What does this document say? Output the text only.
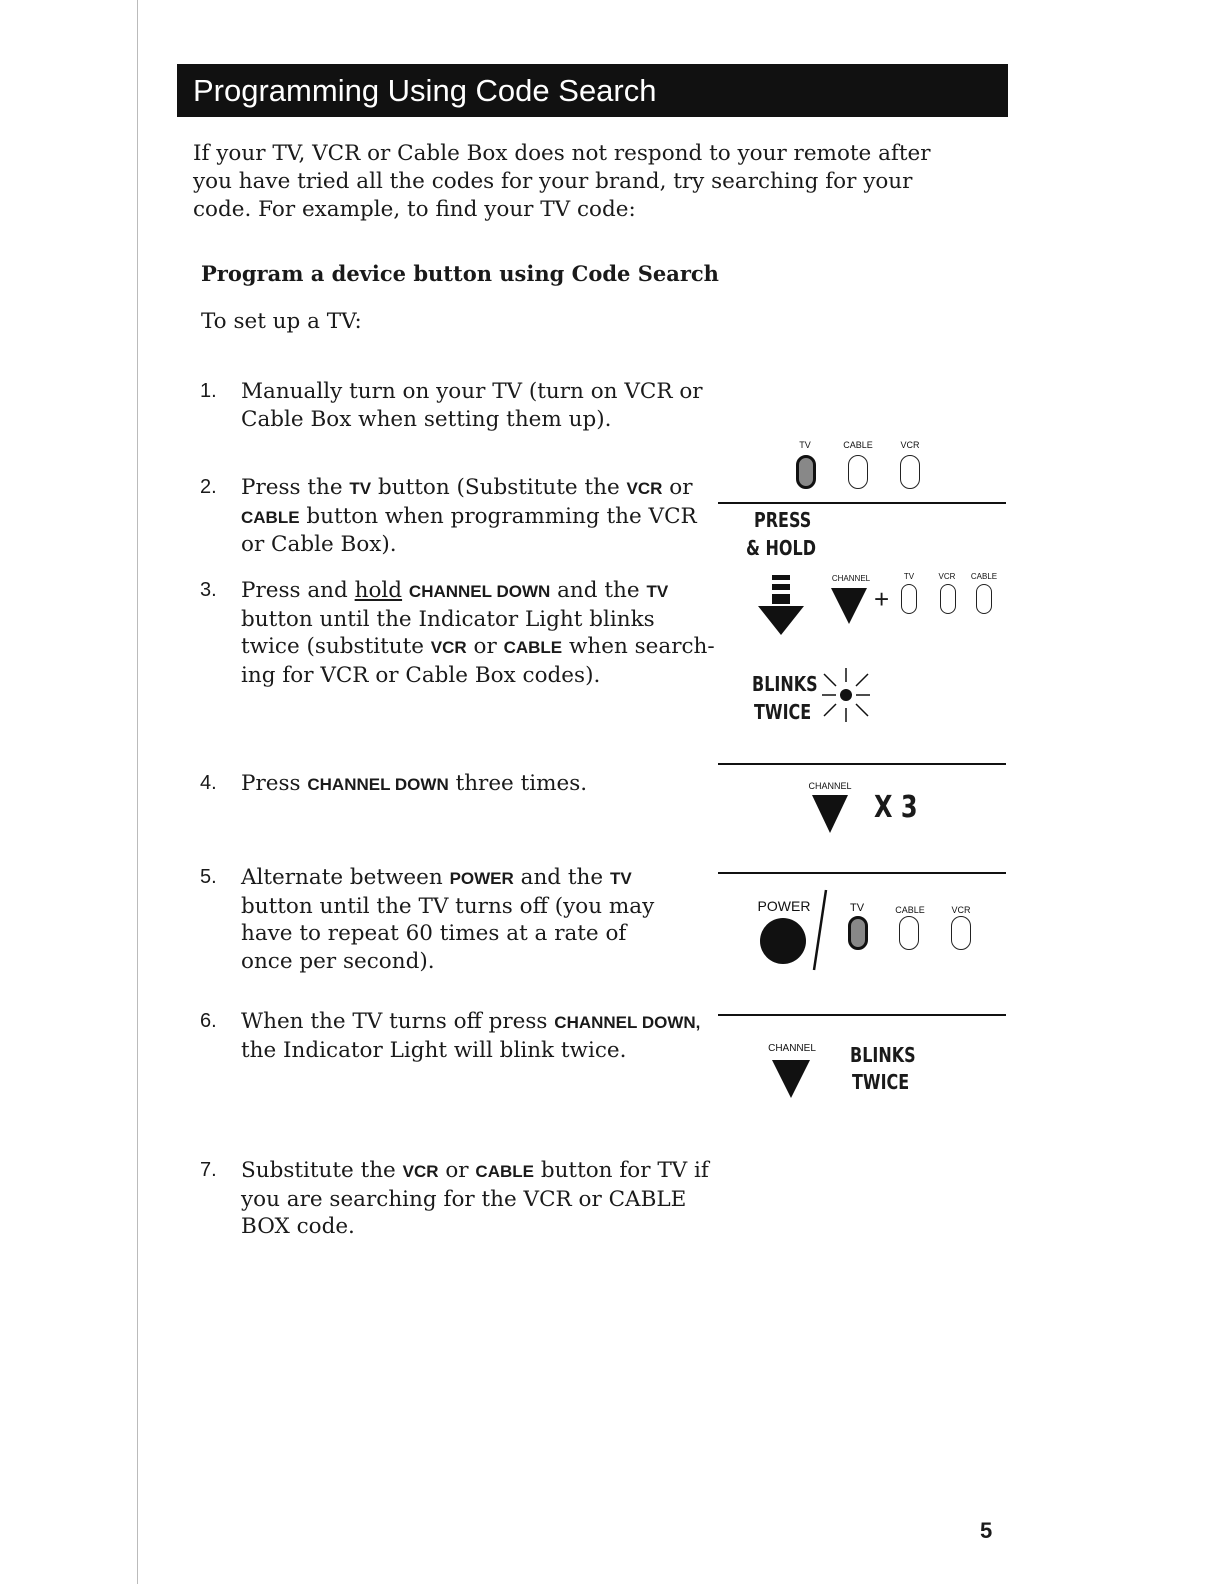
Programming Using Code Search
If your TV, VCR or Cable Box does not respond to your remote after you have tried all the codes for your brand, try searching for your code. For example, to find your TV code:
Program a device button using Code Search
To set up a TV:
1. Manually turn on your TV (turn on VCR or
Cable Box when setting them up).
2. Press the TV button (Substitute the VCR or
CABLE button when programming the VCR
or Cable Box).
3. Press and hold CHANNEL DOWN and the TV
button until the Indicator Light blinks
twice (substitute VCR or CABLE when search-
ing for VCR or Cable Box codes).
4. Press CHANNEL DOWN three times.
5. Alternate between POWER and the TV
button until the TV turns off (you may
have to repeat 60 times at a rate of
once per second).
6. When the TV turns off press CHANNEL DOWN,
the Indicator Light will blink twice.
7. Substitute the VCR or CABLE button for TV if
you are searching for the VCR or CABLE
BOX code.
TV	CABLE	VCR
PRESS
& HOLD
CHANNEL
+
TV	VCR	CABLE
BLINKS
TWICE
CHANNEL
X 3
POWER	TV	CABLE	VCR
CHANNEL	BLINKS
TWICE
5
